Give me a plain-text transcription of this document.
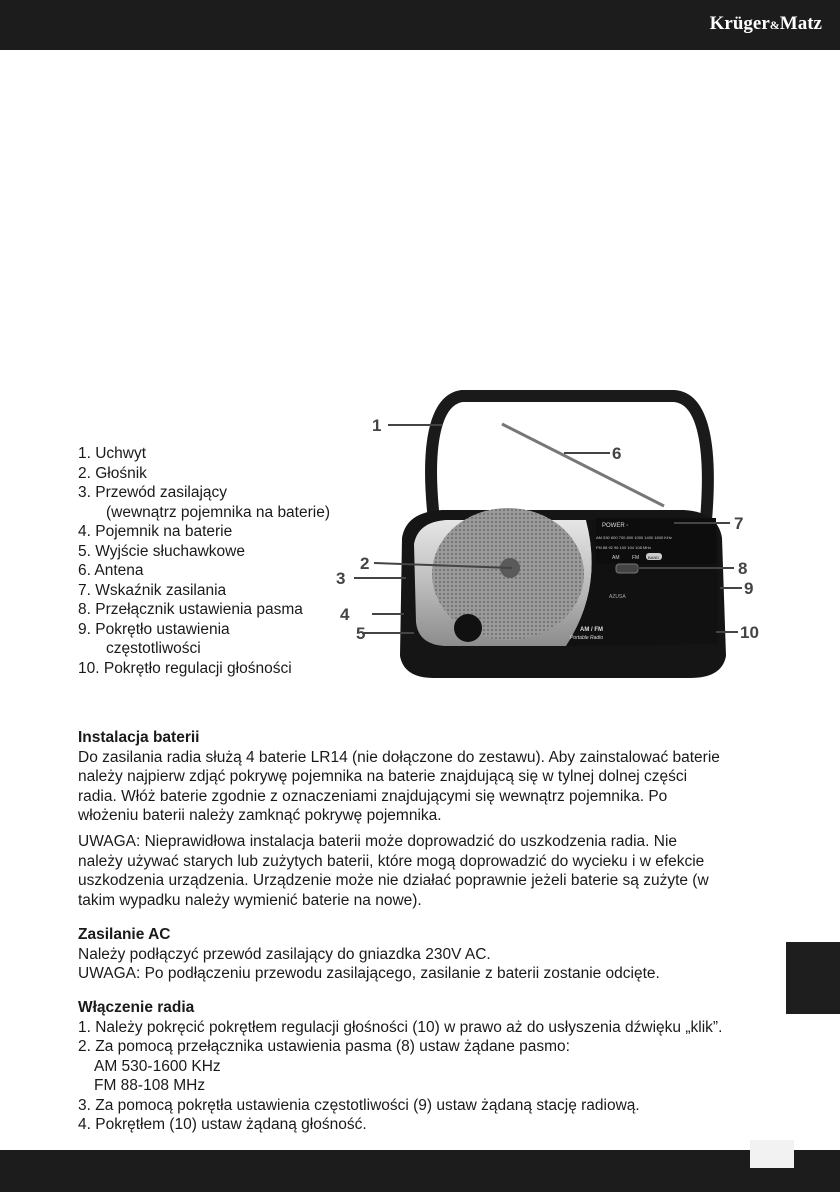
Krüger&Matz
1. Uchwyt
2. Głośnik
3. Przewód zasilający
(wewnątrz pojemnika na baterie)
4. Pojemnik na baterie
5. Wyjście słuchawkowe
6. Antena
7. Wskaźnik zasilania
8. Przełącznik ustawienia pasma
9. Pokrętło ustawienia
częstotliwości
10. Pokrętło regulacji głośności
POWER ◦
AM 530 600 700 800 1000 1400 1600 KHz
FM 88 92 96 100 104 108 MHz
AM	FM BAND
AZUSA
AM / FM
Portable Radio
1
2
3
4
5
6
7
8
9
10
Instalacja baterii

Do zasilania radia służą 4 baterie LR14 (nie dołączone do zestawu). Aby zainstalować baterie

należy najpierw zdjąć pokrywę pojemnika na baterie znajdującą się w tylnej dolnej części

radia. Włóż baterie zgodnie z oznaczeniami znajdującymi się wewnątrz pojemnika. Po

włożeniu baterii należy zamknąć pokrywę pojemnika.

UWAGA: Nieprawidłowa instalacja baterii może doprowadzić do uszkodzenia radia. Nie

należy używać starych lub zużytych baterii, które mogą doprowadzić do wycieku i w efekcie

uszkodzenia urządzenia. Urządzenie może nie działać poprawnie jeżeli baterie są zużyte (w

takim wypadku należy wymienić baterie na nowe).

Zasilanie AC

Należy podłączyć przewód zasilający do gniazdka 230V AC.

UWAGA: Po podłączeniu przewodu zasilającego, zasilanie z baterii zostanie odcięte.

Włączenie radia

1. Należy pokręcić pokrętłem regulacji głośności (10) w prawo aż do usłyszenia dźwięku „klik”.

2. Za pomocą przełącznika ustawienia pasma (8) ustaw żądane pasmo:

AM 530-1600 KHz

FM 88-108 MHz

3. Za pomocą pokrętła ustawienia częstotliwości (9) ustaw żądaną stację radiową.

4. Pokrętłem (10) ustaw żądaną głośność.
